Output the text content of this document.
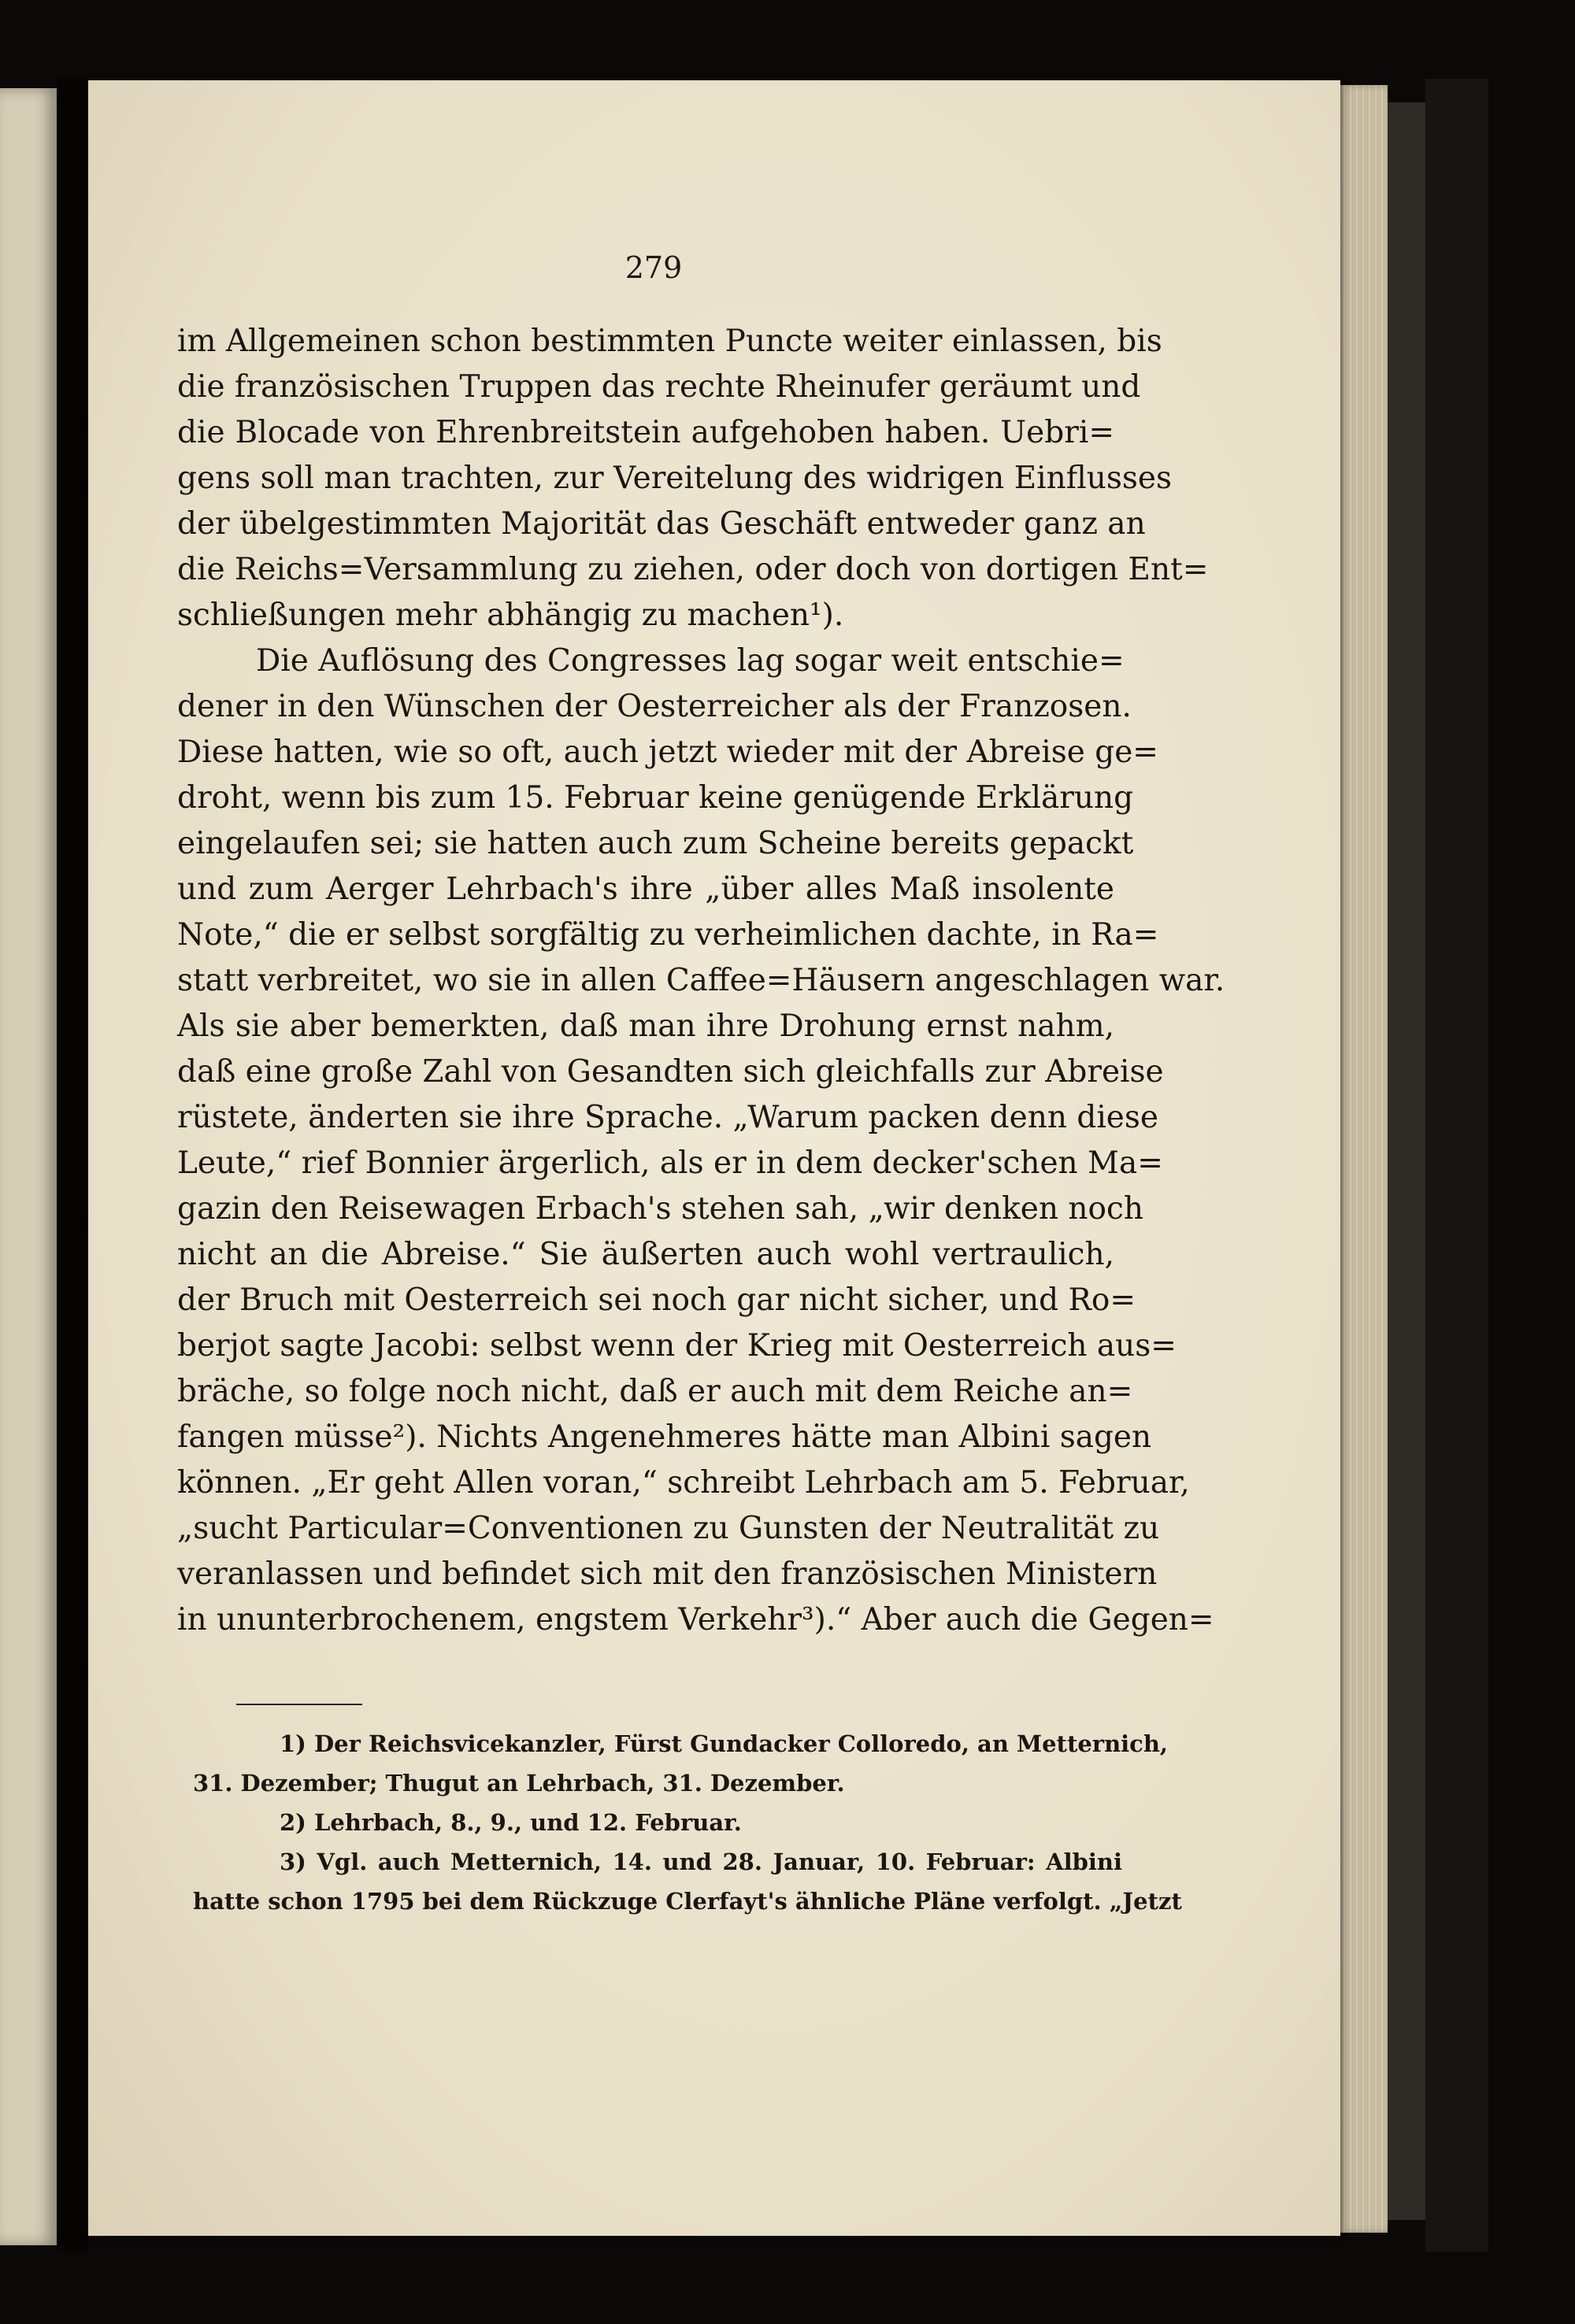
279
im Allgemeinen schon bestimmten Puncte weiter einlassen, bis
die französischen Truppen das rechte Rheinufer geräumt und
die Blocade von Ehrenbreitstein aufgehoben haben. Uebri=
gens soll man trachten, zur Vereitelung des widrigen Einflusses
der übelgestimmten Majorität das Geschäft entweder ganz an
die Reichs=Versammlung zu ziehen, oder doch von dortigen Ent=
schließungen mehr abhängig zu machen¹).
Die Auflösung des Congresses lag sogar weit entschie=
dener in den Wünschen der Oesterreicher als der Franzosen.
Diese hatten, wie so oft, auch jetzt wieder mit der Abreise ge=
droht, wenn bis zum 15. Februar keine genügende Erklärung
eingelaufen sei; sie hatten auch zum Scheine bereits gepackt
und zum Aerger Lehrbach's ihre „über alles Maß insolente
Note,“ die er selbst sorgfältig zu verheimlichen dachte, in Ra=
statt verbreitet, wo sie in allen Caffee=Häusern angeschlagen war.
Als sie aber bemerkten, daß man ihre Drohung ernst nahm,
daß eine große Zahl von Gesandten sich gleichfalls zur Abreise
rüstete, änderten sie ihre Sprache. „Warum packen denn diese
Leute,“ rief Bonnier ärgerlich, als er in dem decker'schen Ma=
gazin den Reisewagen Erbach's stehen sah, „wir denken noch
nicht an die Abreise.“ Sie äußerten auch wohl vertraulich,
der Bruch mit Oesterreich sei noch gar nicht sicher, und Ro=
berjot sagte Jacobi: selbst wenn der Krieg mit Oesterreich aus=
bräche, so folge noch nicht, daß er auch mit dem Reiche an=
fangen müsse²). Nichts Angenehmeres hätte man Albini sagen
können. „Er geht Allen voran,“ schreibt Lehrbach am 5. Februar,
„sucht Particular=Conventionen zu Gunsten der Neutralität zu
veranlassen und befindet sich mit den französischen Ministern
in ununterbrochenem, engstem Verkehr³).“ Aber auch die Gegen=
1) Der Reichsvicekanzler, Fürst Gundacker Colloredo, an Metternich,
31. Dezember; Thugut an Lehrbach, 31. Dezember.
2) Lehrbach, 8., 9., und 12. Februar.
3) Vgl. auch Metternich, 14. und 28. Januar, 10. Februar: Albini
hatte schon 1795 bei dem Rückzuge Clerfayt's ähnliche Pläne verfolgt. „Jetzt
